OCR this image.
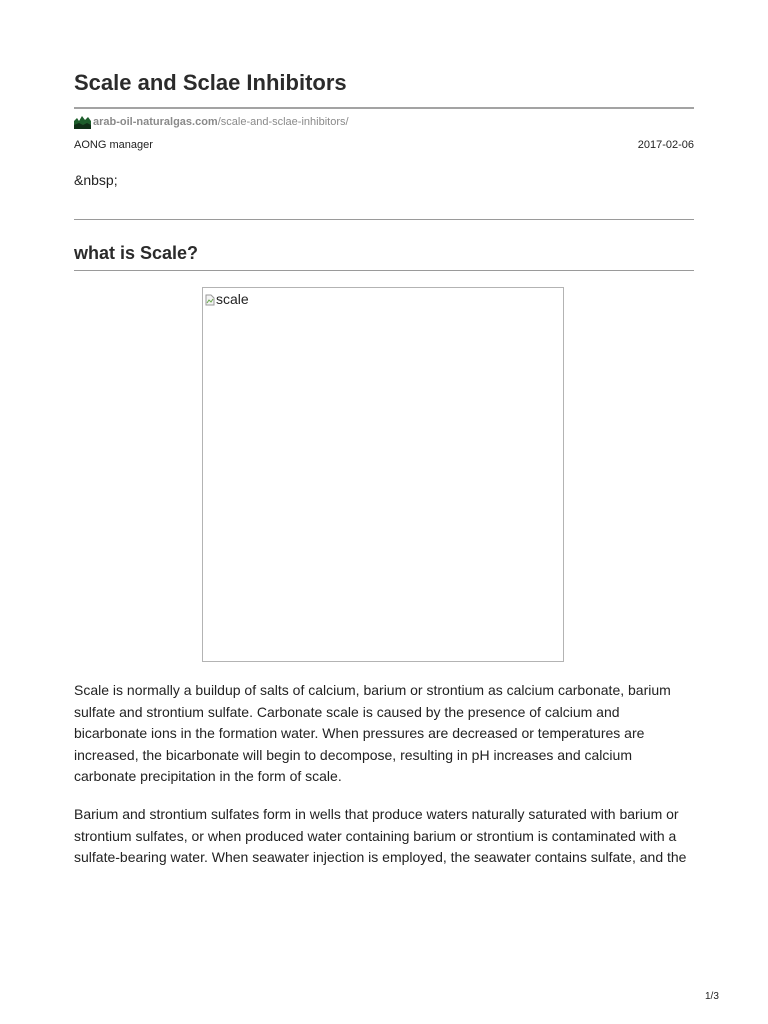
Scale and Sclae Inhibitors
arab-oil-naturalgas.com /scale-and-sclae-inhibitors/
AONG manager	2017-02-06
&nbsp;
what is Scale?
scale

Scale is normally a buildup of salts of calcium, barium or strontium as calcium carbonate, barium sulfate and strontium sulfate. Carbonate scale is caused by the presence of calcium and bicarbonate ions in the formation water. When pressures are decreased or temperatures are increased, the bicarbonate will begin to decompose, resulting in pH increases and calcium carbonate precipitation in the form of scale.

Barium and strontium sulfates form in wells that produce waters naturally saturated with barium or strontium sulfates, or when produced water containing barium or strontium is contaminated with a sulfate-bearing water. When seawater injection is employed, the seawater contains sulfate, and the

1/3
